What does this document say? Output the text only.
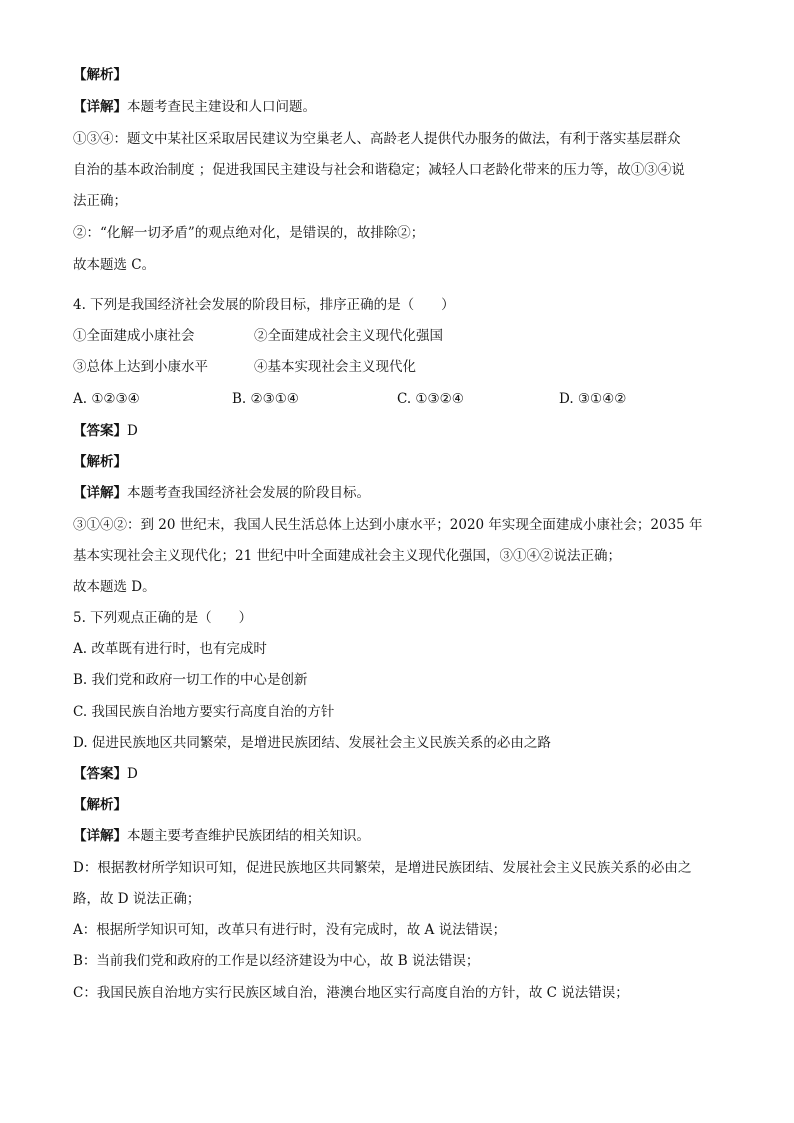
【解析】
【详解】本题考查民主建设和人口问题。
①③④：题文中某社区采取居民建议为空巢老人、高龄老人提供代办服务的做法，有利于落实基层群众
自治的基本政治制度 ；促进我国民主建设与社会和谐稳定；减轻人口老龄化带来的压力等，故①③④说
法正确；
②：“化解一切矛盾”的观点绝对化，是错误的，故排除②；
故本题选 C。
4. 下列是我国经济社会发展的阶段目标，排序正确的是（　　）
①全面建成小康社会	②全面建成社会主义现代化强国
③总体上达到小康水平	④基本实现社会主义现代化
A. ①②③④	B. ②③①④	C. ①③②④	D. ③①④②
【答案】D
【解析】
【详解】本题考查我国经济社会发展的阶段目标。
③①④②：到 20 世纪末，我国人民生活总体上达到小康水平；2020 年实现全面建成小康社会；2035 年
基本实现社会主义现代化；21 世纪中叶全面建成社会主义现代化强国，③①④②说法正确；
故本题选 D。
5. 下列观点正确的是（　　）
A. 改革既有进行时，也有完成时
B. 我们党和政府一切工作的中心是创新
C. 我国民族自治地方要实行高度自治的方针
D. 促进民族地区共同繁荣，是增进民族团结、发展社会主义民族关系的必由之路
【答案】D
【解析】
【详解】本题主要考查维护民族团结的相关知识。
D：根据教材所学知识可知，促进民族地区共同繁荣，是增进民族团结、发展社会主义民族关系的必由之
路，故 D 说法正确；
A：根据所学知识可知，改革只有进行时，没有完成时，故 A 说法错误；
B：当前我们党和政府的工作是以经济建设为中心，故 B 说法错误；
C：我国民族自治地方实行民族区域自治，港澳台地区实行高度自治的方针，故 C 说法错误；
